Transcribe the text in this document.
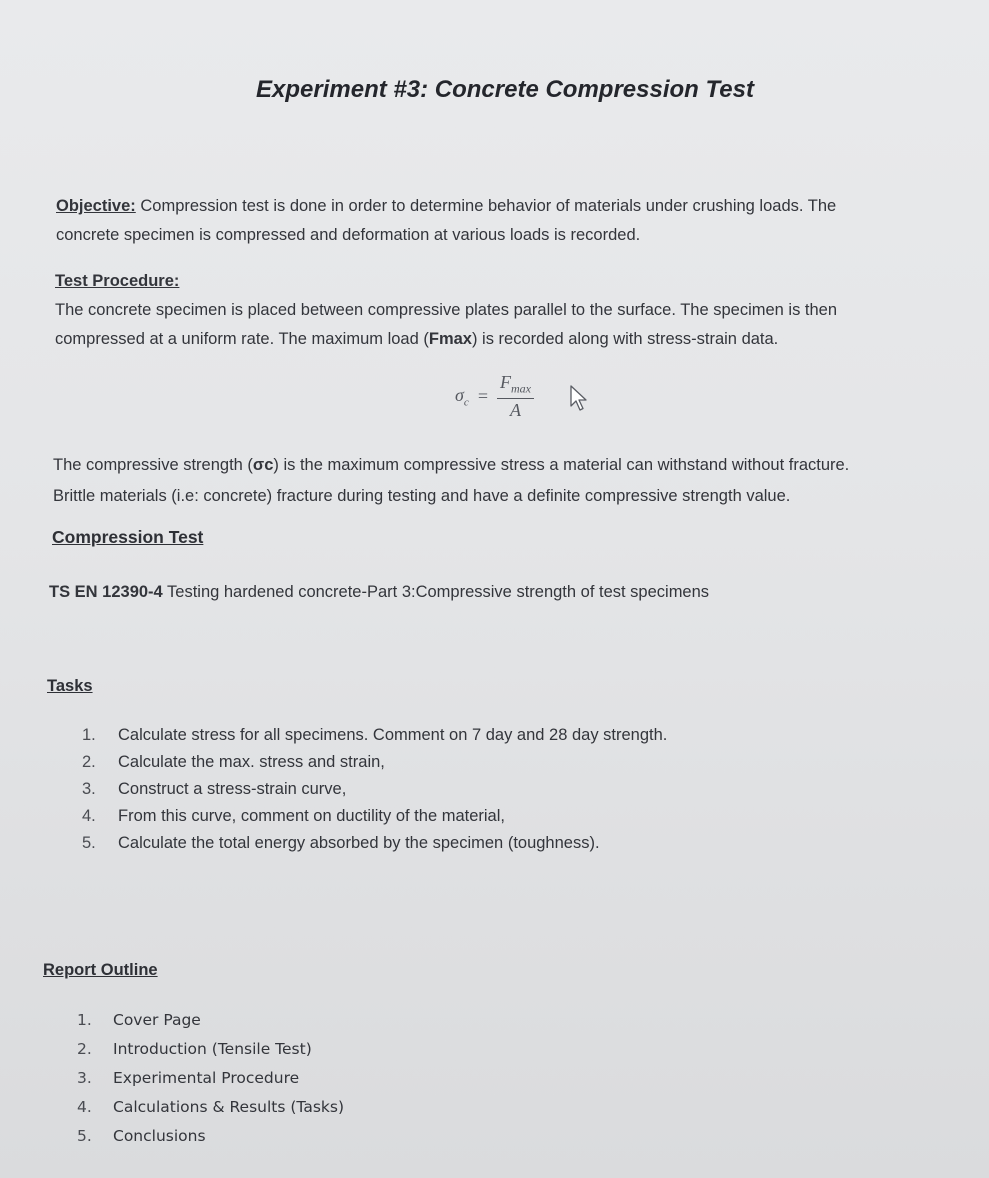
Experiment #3: Concrete Compression Test
Objective: Compression test is done in order to determine behavior of materials under crushing loads. The
concrete specimen is compressed and deformation at various loads is recorded.
Test Procedure:
The concrete specimen is placed between compressive plates parallel to the surface. The specimen is then
compressed at a uniform rate. The maximum load (Fmax) is recorded along with stress-strain data.
$\sigma_c = \frac{F_{max}}{A}$
The compressive strength (σc) is the maximum compressive stress a material can withstand without fracture.
Brittle materials (i.e: concrete) fracture during testing and have a definite compressive strength value.
Compression Test
TS EN 12390-4 Testing hardened concrete-Part 3:Compressive strength of test specimens
Tasks
1.	Calculate stress for all specimens. Comment on 7 day and 28 day strength.
2.	Calculate the max. stress and strain,
3.	Construct a stress-strain curve,
4.	From this curve, comment on ductility of the material,
5.	Calculate the total energy absorbed by the specimen (toughness).
Report Outline
1.	Cover Page
2.	Introduction (Tensile Test)
3.	Experimental Procedure
4.	Calculations & Results (Tasks)
5.	Conclusions
